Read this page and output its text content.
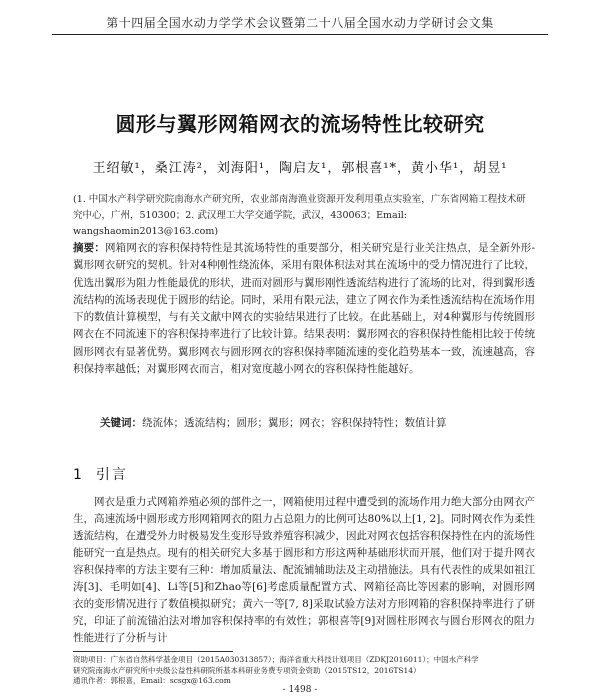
第十四届全国水动力学学术会议暨第二十八届全国水动力学研讨会文集
圆形与翼形网箱网衣的流场特性比较研究
王绍敏¹，桑江涛²，刘海阳¹，陶启友¹，郭根喜¹*，黄小华¹，胡昱¹
(1. 中国水产科学研究院南海水产研究所，农业部南海渔业资源开发利用重点实验室，广东省网箱工程技术研究中心，广州，510300；2. 武汉理工大学交通学院，武汉，430063；Email: wangshaomin2013@163.com)
摘要：网箱网衣的容积保持特性是其流场特性的重要部分，相关研究是行业关注热点，是全新外形-翼形网衣研究的契机。针对4种刚性绕流体，采用有限体积法对其在流场中的受力情况进行了比较，优选出翼形为阻力性能最优的形状，进而对圆形与翼形刚性透流结构进行了流场的比对，得到翼形透流结构的流场表现优于圆形的结论。同时，采用有限元法，建立了网衣作为柔性透流结构在流场作用下的数值计算模型，与有关文献中网衣的实验结果进行了比较。在此基础上，对4种翼形与传统圆形网衣在不同流速下的容积保持率进行了比较计算。结果表明：翼形网衣的容积保持性能相比较于传统圆形网衣有显著优势。翼形网衣与圆形网衣的容积保持率随流速的变化趋势基本一致，流速越高，容积保持率越低；对翼形网衣而言，相对宽度越小网衣的容积保持性能越好。
关键词：绕流体；透流结构；圆形；翼形；网衣；容积保持特性；数值计算
1 引言
网衣是重力式网箱养殖必须的部件之一，网箱使用过程中遭受到的流场作用力绝大部分由网衣产生，高速流场中圆形或方形网箱网衣的阻力占总阻力的比例可达80%以上[1, 2]。同时网衣作为柔性透流结构，在遭受外力时极易发生变形导致养殖容积减少，因此对网衣包括容积保持性在内的流场性能研究一直是热点。现有的相关研究大多基于圆形和方形这两种基础形状而开展，他们对于提升网衣容积保持率的方法主要有三种：增加质量法、配流铺辅助法及主动措施法。具有代表性的成果如祖江涛[3]、毛明如[4]、Li等[5]和Zhao等[6]考虑质量配置方式、网箱径高比等因素的影响，对圆形网衣的变形情况进行了数值模拟研究；黄六一等[7, 8]采取试验方法对方形网箱的容积保持率进行了研究，印证了前流锚泊法对增加容积保持率的有效性；郭根喜等[9]对圆柱形网衣与圆台形网衣的阻力性能进行了分析与计
资助项目：广东省自然科学基金项目（2015A030313857）；海洋省重大科技计划项目（ZDKJ2016011）；中国水产科学
研究院南海水产研究所中央级公益性科研院所基本科研业务费专项资金资助（2015TS12，2016TS14）
通讯作者：郭根喜，Email：scsgx@163.com
- 1498 -
